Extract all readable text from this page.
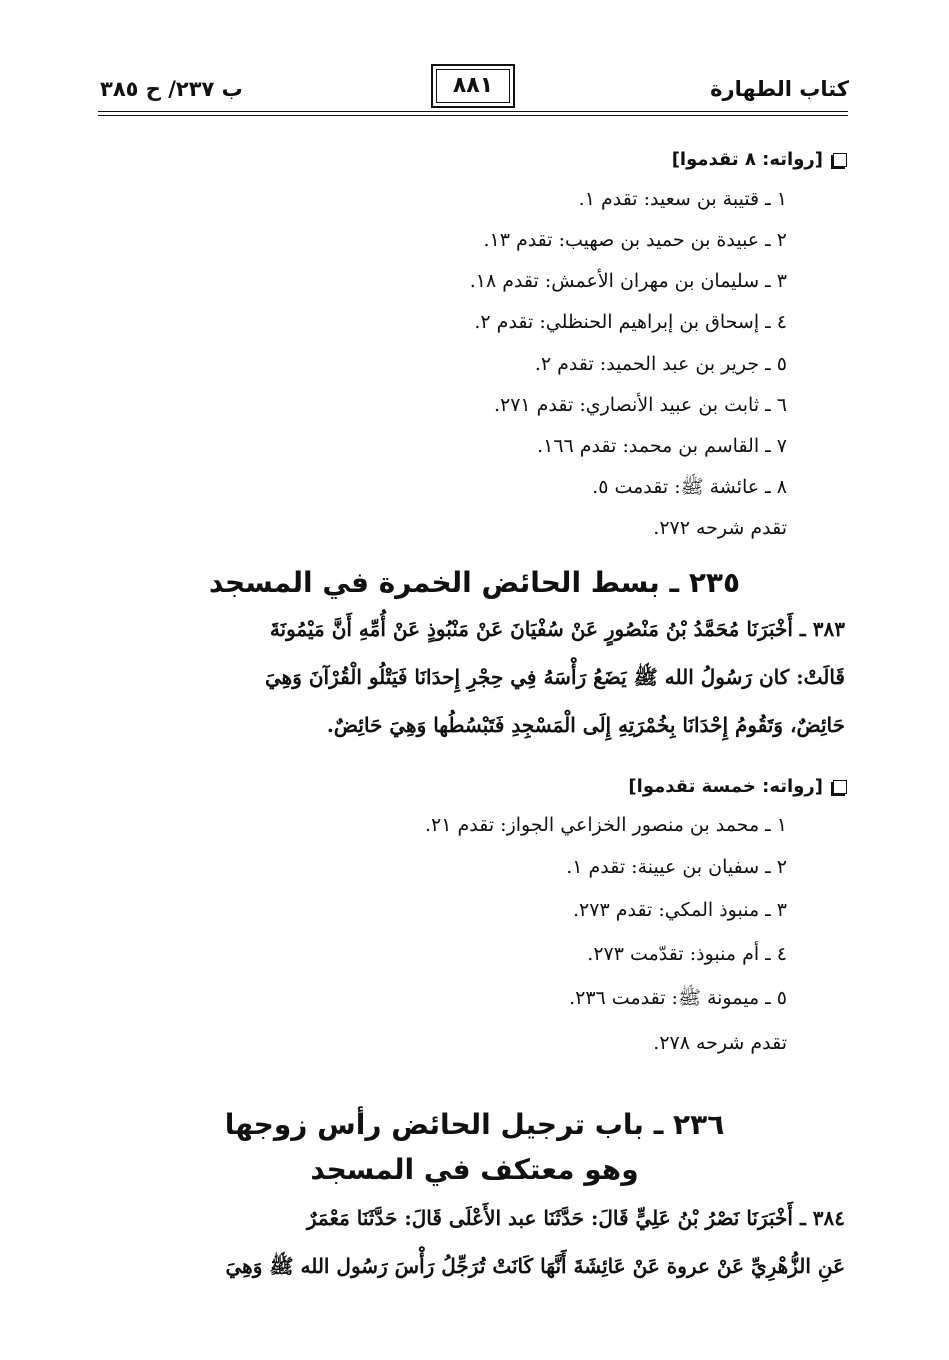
كتاب الطهارة
٨٨١
ب ٢٣٧/ ح ٣٨٥
[رواته: ٨ تقدموا]
١ ـ قتيبة بن سعيد: تقدم ١.
٢ ـ عبيدة بن حميد بن صهيب: تقدم ١٣.
٣ ـ سليمان بن مهران الأعمش: تقدم ١٨.
٤ ـ إسحاق بن إبراهيم الحنظلي: تقدم ٢.
٥ ـ جرير بن عبد الحميد: تقدم ٢.
٦ ـ ثابت بن عبيد الأنصاري: تقدم ٢٧١.
٧ ـ القاسم بن محمد: تقدم ١٦٦.
٨ ـ عائشة ﷺ: تقدمت ٥.
تقدم شرحه ٢٧٢.
٢٣٥ ـ بسط الحائض الخمرة في المسجد
٣٨٣ ـ أَخْبَرَنَا مُحَمَّدُ بْنُ مَنْصُورٍ عَنْ سُفْيَانَ عَنْ مَنْبُوذٍ عَنْ أُمِّهِ أَنَّ مَيْمُونَةَ
قَالَتْ: كان رَسُولُ الله ﷺ يَضَعُ رَأْسَهُ فِي حِجْرِ إِحدَانَا فَيَتْلُو الْقُرْآنَ وَهِيَ
حَائِضٌ، وَتَقُومُ إِحْدَانَا بِخُمْرَتِهِ إِلَى الْمَسْجِدِ فَتَبْسُطُها وَهِيَ حَائِضٌ.
[رواته: خمسة تقدموا]
١ ـ محمد بن منصور الخزاعي الجواز: تقدم ٢١.
٢ ـ سفيان بن عيينة: تقدم ١.
٣ ـ منبوذ المكي: تقدم ٢٧٣.
٤ ـ أم منبوذ: تقدّمت ٢٧٣.
٥ ـ ميمونة ﷺ: تقدمت ٢٣٦.
تقدم شرحه ٢٧٨.
٢٣٦ ـ باب ترجيل الحائض رأس زوجها
وهو معتكف في المسجد
٣٨٤ ـ أَخْبَرَنَا نَصْرُ بْنُ عَلِيٍّ قَالَ: حَدَّثَنَا عبد الأَعْلَى قَالَ: حَدَّثَنَا مَعْمَرٌ
عَنِ الزُّهْرِيِّ عَنْ عروة عَنْ عَائِشَةَ أَنَّهَا كَانَتْ تُرَجِّلُ رَأْسَ رَسُول الله ﷺ وَهِيَ
